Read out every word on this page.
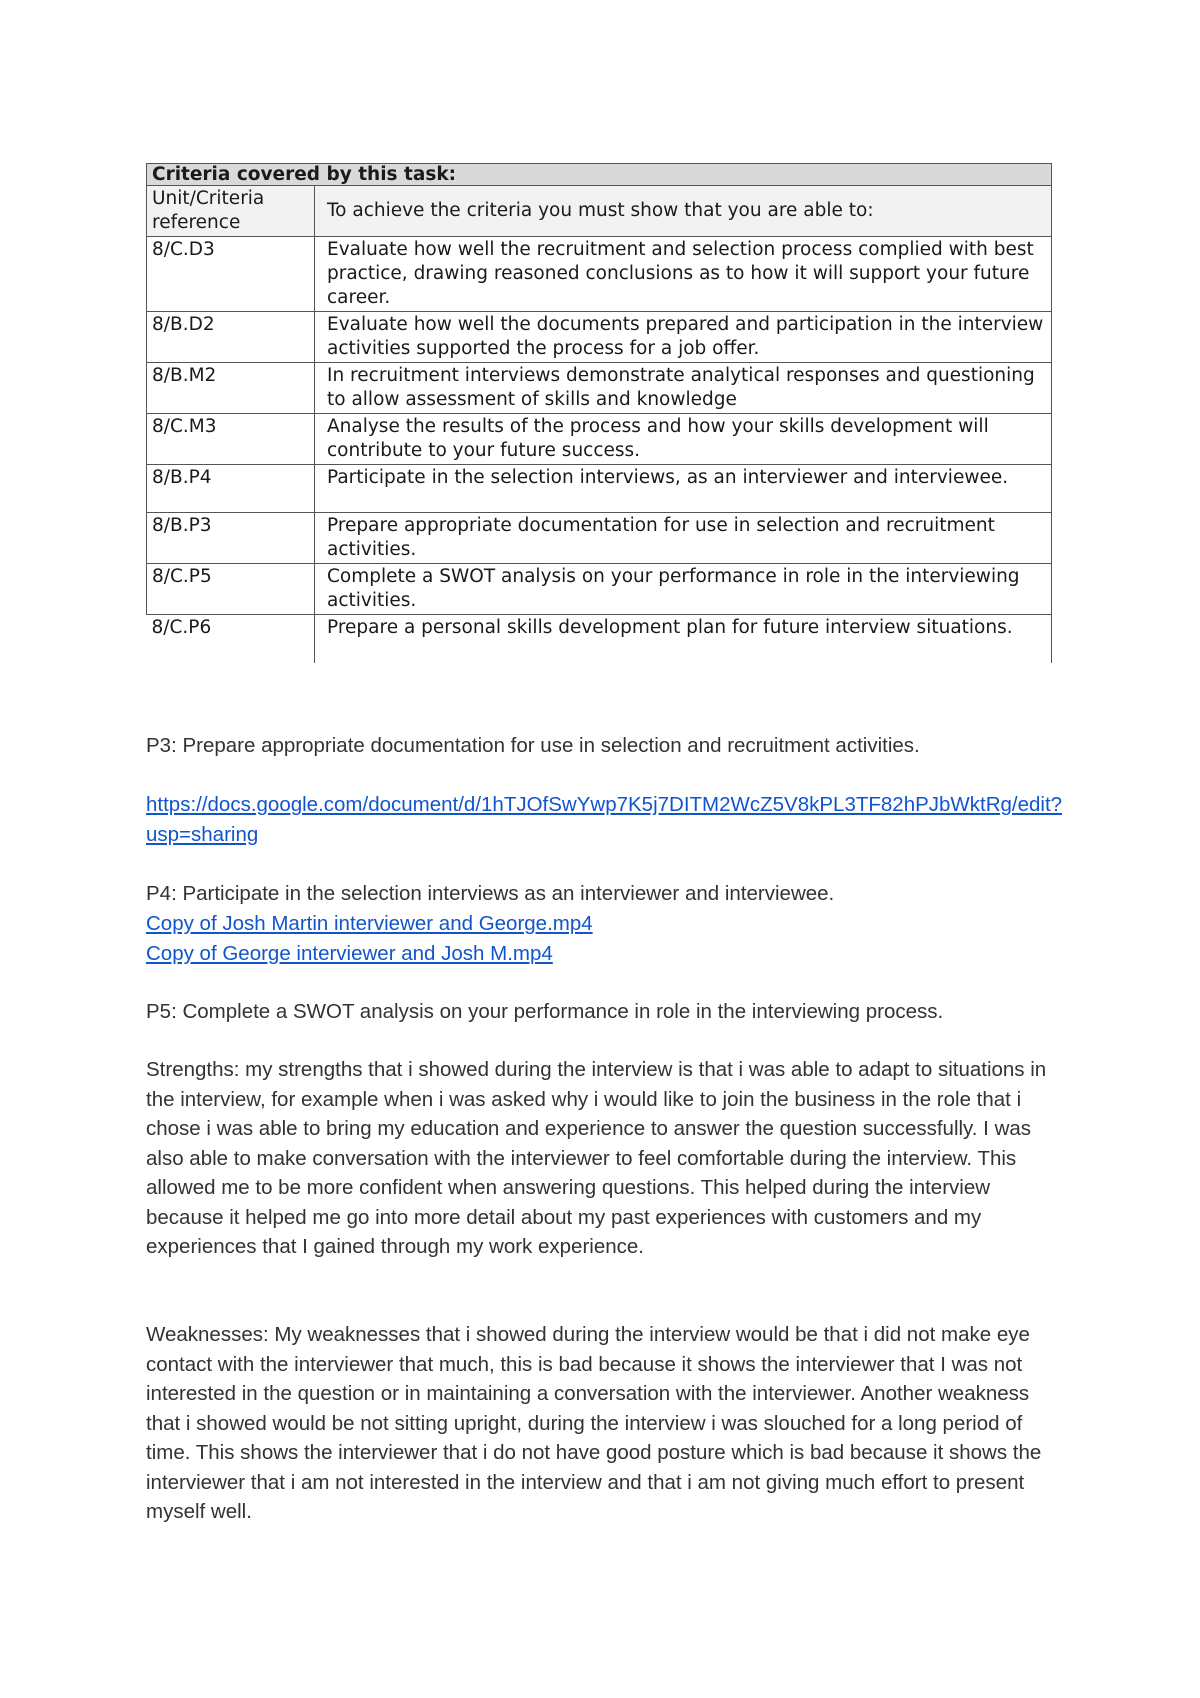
Criteria covered by this task:	
Unit/Criteria reference	To achieve the criteria you must show that you are able to:
8/C.D3	Evaluate how well the recruitment and selection process complied with best practice, drawing reasoned conclusions as to how it will support your future career.
8/B.D2	Evaluate how well the documents prepared and participation in the interview activities supported the process for a job offer.
8/B.M2	In recruitment interviews demonstrate analytical responses and questioning to allow assessment of skills and knowledge
8/C.M3	Analyse the results of the process and how your skills development will contribute to your future success.
8/B.P4	Participate in the selection interviews, as an interviewer and interviewee.
8/B.P3	Prepare appropriate documentation for use in selection and recruitment activities.
8/C.P5	Complete a SWOT analysis on your performance in role in the interviewing activities.
8/C.P6	Prepare a personal skills development plan for future interview situations.

P3: Prepare appropriate documentation for use in selection and recruitment activities.

https://docs.google.com/document/d/1hTJOfSwYwp7K5j7DITM2WcZ5V8kPL3TF82hPJbWktRg/edit?usp=sharing

P4: Participate in the selection interviews as an interviewer and interviewee.

Copy of Josh Martin interviewer and George.mp4
Copy of George interviewer and Josh M.mp4

P5: Complete a SWOT analysis on your performance in role in the interviewing process.

Strengths: my strengths that i showed during the interview is that i was able to adapt to situations in the interview, for example when i was asked why i would like to join the business in the role that i chose i was able to bring my education and experience to answer the question successfully. I was also able to make conversation with the interviewer to feel comfortable during the interview. This allowed me to be more confident when answering questions. This helped during the interview because it helped me go into more detail about my past experiences with customers and my experiences that I gained through my work experience.

Weaknesses: My weaknesses that i showed during the interview would be that i did not make eye contact with the interviewer that much, this is bad because it shows the interviewer that I was not interested in the question or in maintaining a conversation with the interviewer. Another weakness that i showed would be not sitting upright, during the interview i was slouched for a long period of time. This shows the interviewer that i do not have good posture which is bad because it shows the interviewer that i am not interested in the interview and that i am not giving much effort to present myself well.
